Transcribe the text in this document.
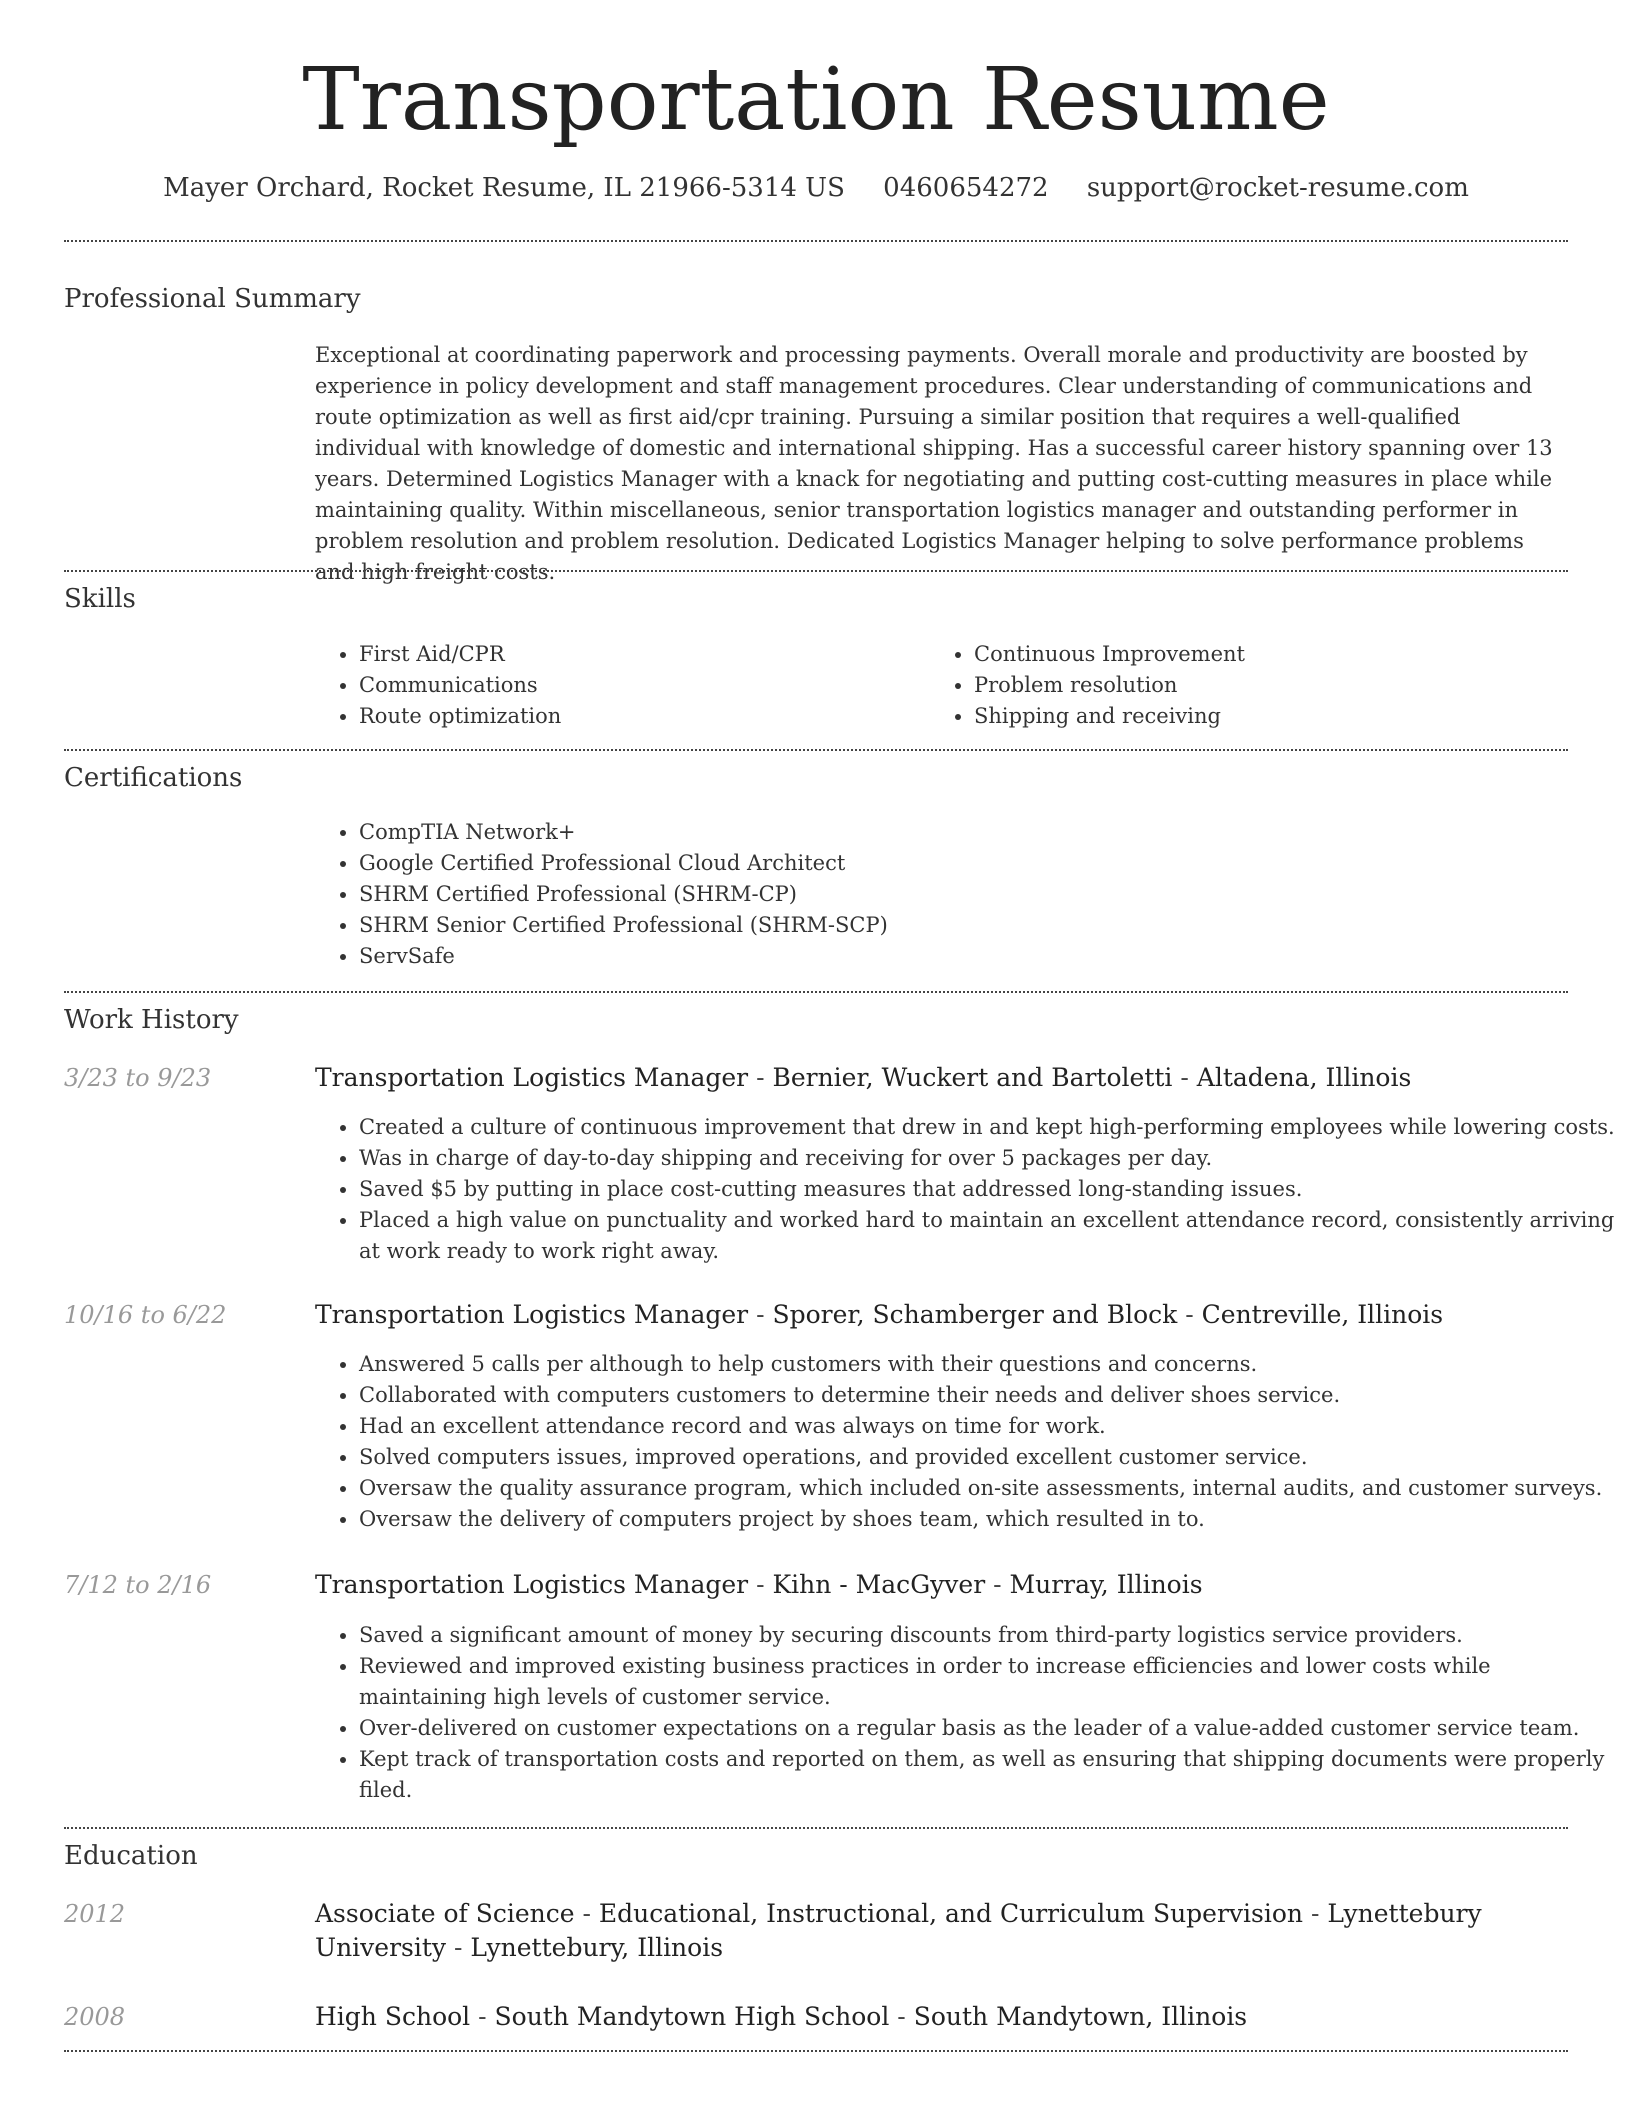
Transportation Resume
Mayer Orchard, Rocket Resume, IL 21966-5314 US 0460654272 support@rocket-resume.com
Professional Summary

Exceptional at coordinating paperwork and processing payments. Overall morale and productivity are boosted by experience in policy development and staff management procedures. Clear understanding of communications and route optimization as well as first aid/cpr training. Pursuing a similar position that requires a well-qualified individual with knowledge of domestic and international shipping. Has a successful career history spanning over 13 years. Determined Logistics Manager with a knack for negotiating and putting cost-cutting measures in place while maintaining quality. Within miscellaneous, senior transportation logistics manager and outstanding performer in problem resolution and problem resolution. Dedicated Logistics Manager helping to solve performance problems and high freight costs.

Skills
• First Aid/CPR
• Communications
• Route optimization
• Continuous Improvement
• Problem resolution
• Shipping and receiving
Certifications
• CompTIA Network+
• Google Certified Professional Cloud Architect
• SHRM Certified Professional (SHRM-CP)
• SHRM Senior Certified Professional (SHRM-SCP)
• ServSafe
Work History
3/23 to 9/23	Transportation Logistics Manager - Bernier, Wuckert and Bartoletti - Altadena, Illinois
• Created a culture of continuous improvement that drew in and kept high-performing employees while lowering costs.
• Was in charge of day-to-day shipping and receiving for over 5 packages per day.
• Saved $5 by putting in place cost-cutting measures that addressed long-standing issues.
• Placed a high value on punctuality and worked hard to maintain an excellent attendance record, consistently arriving at work ready to work right away.
10/16 to 6/22	Transportation Logistics Manager - Sporer, Schamberger and Block - Centreville, Illinois
• Answered 5 calls per although to help customers with their questions and concerns.
• Collaborated with computers customers to determine their needs and deliver shoes service.
• Had an excellent attendance record and was always on time for work.
• Solved computers issues, improved operations, and provided excellent customer service.
• Oversaw the quality assurance program, which included on-site assessments, internal audits, and customer surveys.
• Oversaw the delivery of computers project by shoes team, which resulted in to.
7/12 to 2/16	Transportation Logistics Manager - Kihn - MacGyver - Murray, Illinois
• Saved a significant amount of money by securing discounts from third-party logistics service providers.
• Reviewed and improved existing business practices in order to increase efficiencies and lower costs while maintaining high levels of customer service.
• Over-delivered on customer expectations on a regular basis as the leader of a value-added customer service team.
• Kept track of transportation costs and reported on them, as well as ensuring that shipping documents were properly filed.
Education
2012	Associate of Science - Educational, Instructional, and Curriculum Supervision - Lynettebury University - Lynettebury, Illinois
2008	High School - South Mandytown High School - South Mandytown, Illinois
